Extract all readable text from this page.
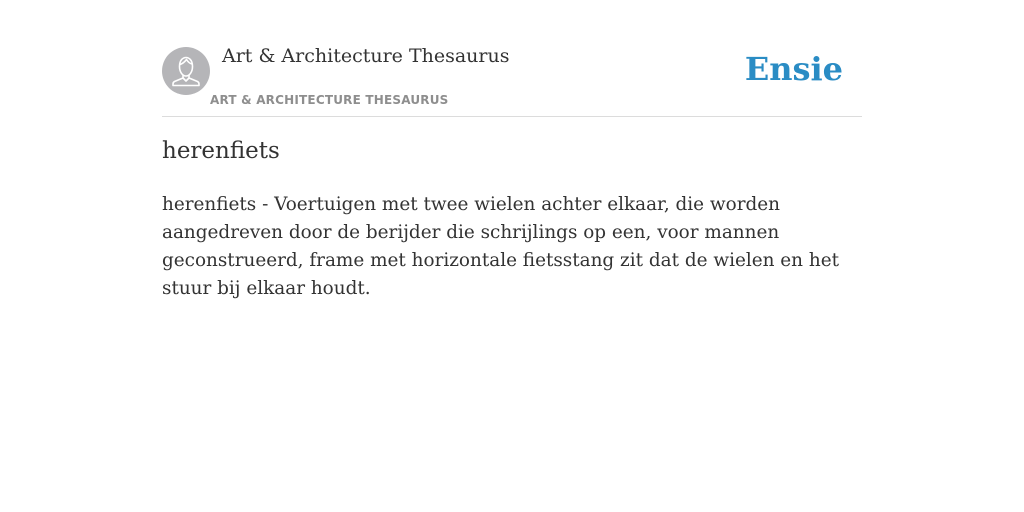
Art & Architecture Thesaurus
ART & ARCHITECTURE THESAURUS
Ensie
herenfiets

herenfiets - Voertuigen met twee wielen achter elkaar, die worden aangedreven door de berijder die schrijlings op een, voor mannen geconstrueerd, frame met horizontale fietsstang zit dat de wielen en het stuur bij elkaar houdt.
